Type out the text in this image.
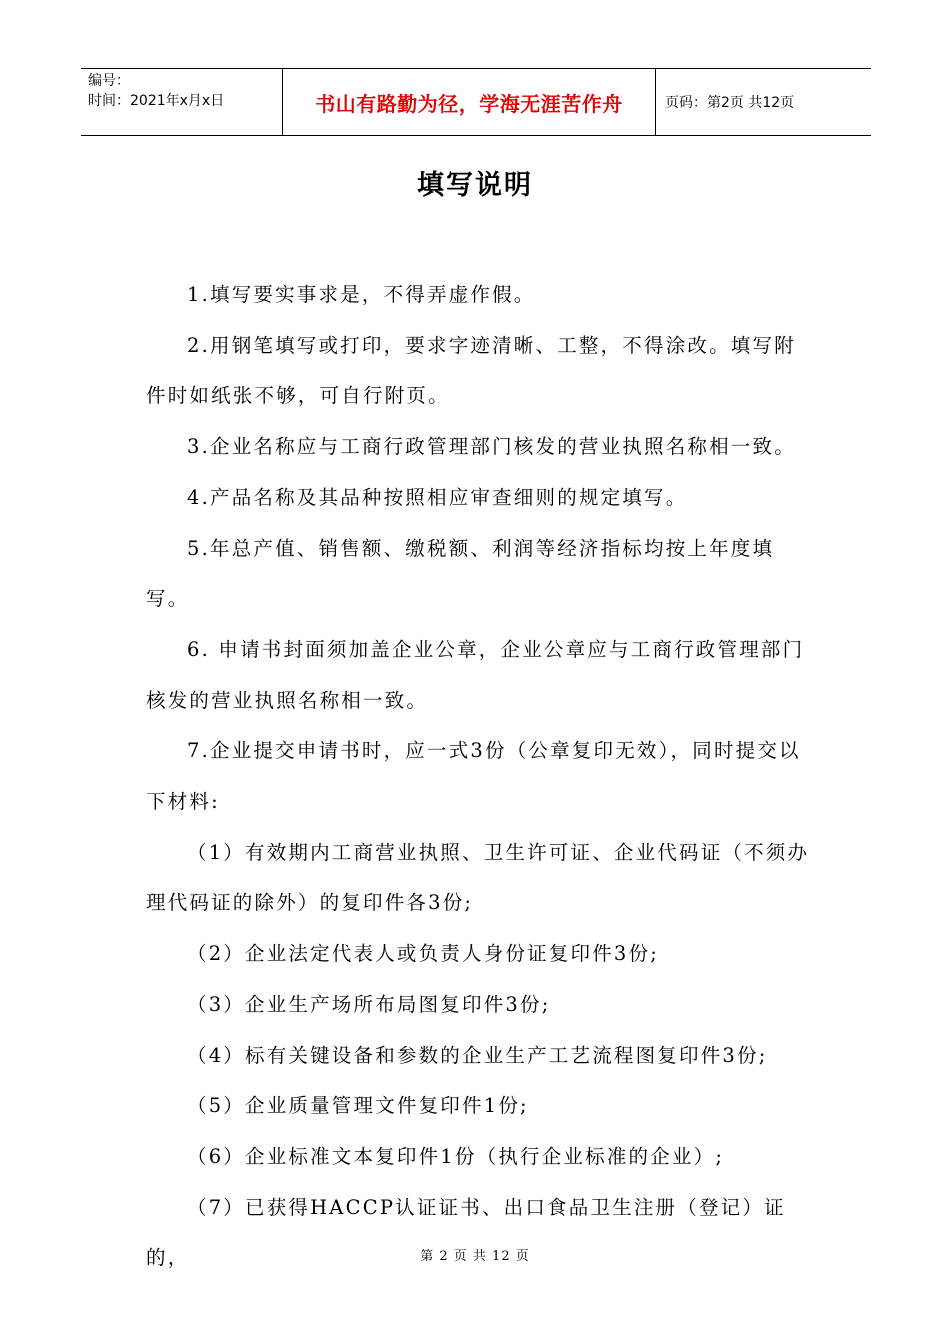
编号：
时间：2021年x月x日	书山有路勤为径，学海无涯苦作舟	页码：第2页 共12页
填写说明

1.填写要实事求是，不得弄虚作假。

2.用钢笔填写或打印，要求字迹清晰、工整，不得涂改。填写附件时如纸张不够，可自行附页。

3.企业名称应与工商行政管理部门核发的营业执照名称相一致。

4.产品名称及其品种按照相应审查细则的规定填写。

5.年总产值、销售额、缴税额、利润等经济指标均按上年度填写。

6. 申请书封面须加盖企业公章，企业公章应与工商行政管理部门核发的营业执照名称相一致。

7.企业提交申请书时，应一式3份（公章复印无效），同时提交以下材料:

（1）有效期内工商营业执照、卫生许可证、企业代码证（不须办理代码证的除外）的复印件各3份;

（2）企业法定代表人或负责人身份证复印件3份;

（3）企业生产场所布局图复印件3份;

（4）标有关键设备和参数的企业生产工艺流程图复印件3份;

（5）企业质量管理文件复印件1份;

（6）企业标准文本复印件1份（执行企业标准的企业）;

（7）已获得HACCP认证证书、出口食品卫生注册（登记）证的，	第 2 页 共 12 页
